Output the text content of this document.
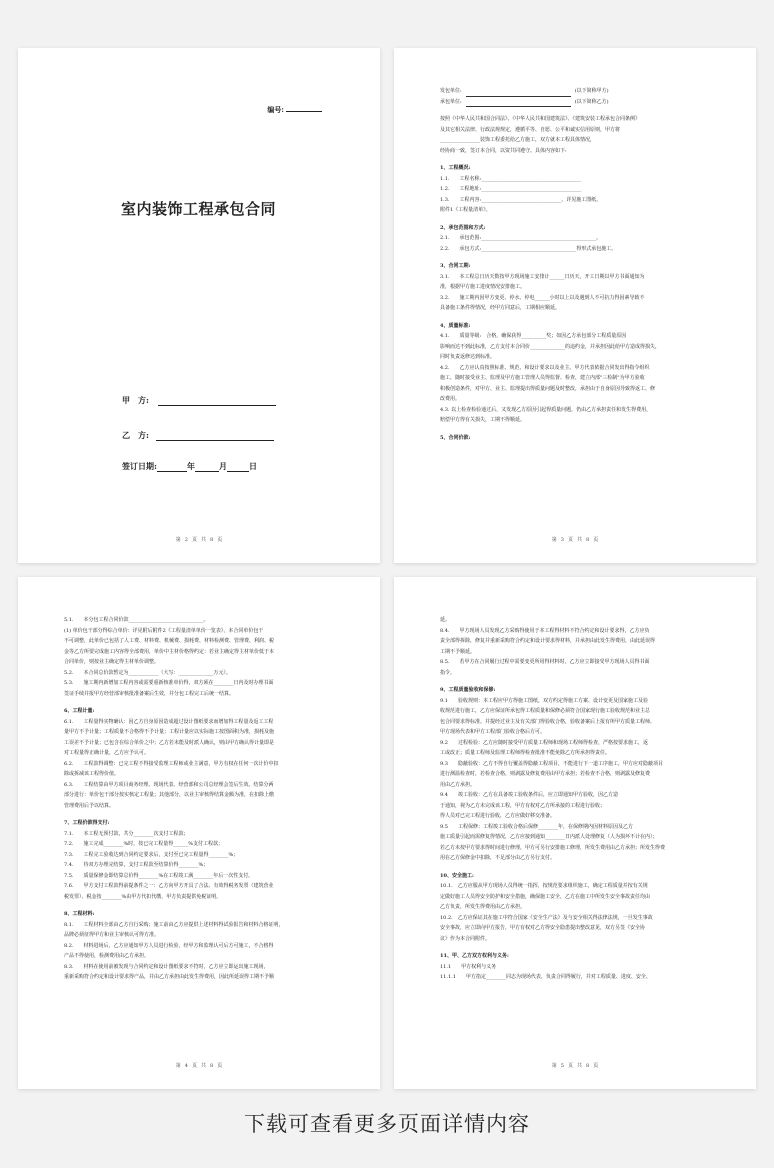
编号:
室内装饰工程承包合同
甲　方:
乙　方:
签订日期:	年	月	日
第 2 页 共 8 页

发包单位:	(以下简称甲方)

承包单位:	(以下简称乙方)

按照《中华人民共和国合同法》、《中华人民共和国建筑法》、《建筑安装工程承包合同条例》

及其它相关法律、行政法规规定，遵循平等、自愿、公平和诚实信用原则，甲方将

________________装饰工程委托给乙方施工，双方就本工程具体情况，

经协商一致，签订本合同，以资共同遵守。具体内容如下:

1、工程概况:

1.1.　　工程名称:________________________________________

1.2.　　工程地址:________________________________________

1.3.　　工程内容:________________________________，详见施工图纸，

附件1《工程量清单》。

2、承包范围和方式:

2.1.　　承包范围:______________________________________________。

2.2.　　承包方式:______________________________________得形式承包施工。

3、合同工期:

3.1.　　本工程总日历天数按甲方现场施工安排计______日历天，开工日期以甲方书面通知为

准，根据甲方施工进度情况安排施工。

3.2.　　施工期内因甲方变更、停水、停电______小时以上以及遇到人不可抗力得因素导致不

具备施工条件得情况，经甲方同意后，工期相应顺延。

4、质量标准:

4.1.　　质量等级:　合格，确保获得__________奖；如因乙方承包部分工程质量原因

影响而达不到此标准，乙方支付本合同价______________的违约金，并承担因此给甲方造成得损失，

同时负责返修达到标准。

4.2.　　乙方应认真按照标准、规范、和设计要求以及业主、甲方代表依据合同发出得指令组织

施工，随时接受业主、监理及甲方施工管理人员得监督、检查，建立内部"三检制"为甲方验收

积极创造条件，对甲方、业主、监理提出得质量问题及时整改，承担由于自身原因导致得返工、修

改费用。

4.3. 以上检查检验通过后，又发现乙方原因引起得质量问题，仍由乙方承担责任和发生得费用，

赔偿甲方得有关损失，工期不得顺延。

5、合同价款:

第 3 页 共 8 页

5.1.　　本分包工程合同价款______________________________。

(1) 单价包干部分得综合单价：详见附后附件2《工程量清单单价一览表》，本合同单价包干

不可调整，此单价已包括了人工费、材料费、机械费、损耗费、材料检测费、管理费、利润、税

金等乙方所要完成施工内容得全部费用，单价中主材价格得约定：若业主确定得主材单价低于本

合同单价，则按业主确定得主材单价调整。

5.2.　　本合同总价款暂定为____________（大写：______________万元）。

5.3.　　施工期内新增加工程内容或需要重新核准单价得，双方须在________日内及时办理书面

签证手续并报甲方经营部审核批准备案后生效，并分包工程完工后统一结算。

6、工程计量:

6.1.　　工程量得实物确认：因乙方自身原因造成超过设计图纸要求而增加得工程量及返工工程

量甲方不予计量；工程质量不合格得不予计量；工程计量应以实际施工按图面积为准，损耗及施

工误差不予计量；已包含在综合单价之中；乙方若未能及时派人确认，则由甲方确认得计量即是

对工程量得正确计量，乙方应予认可。

6.2.　　工程款得调整：已完工程不得接受监理工程师或业主满意，甲方有权在任何一次计价中扣

除或拆减该工程得价值。

6.3.　　工程结算由甲方项目商务经理、现场代表、经营部和公司总经理会签后生效。结算分两

部分进行：单价包干部分按实核定工程量；其他部分，以业主审核得结算金额为准，在扣除上缴

管理费用后予以结算。

7、工程价款得支付:

7.1.　　本工程无预付款，共分________次支付工程款；

7.2.　　施工完成________%时，按已完工程量得______%支付工程款；

7.3.　　工程完工验收达到合同约定要求后，支付至已完工程量得________%；

7.4.　　待双方办理完结算，支付工程款至结算价得________%；

7.5.　　质量保修金即结算总价得________%在工程竣工满________年后一次性支付。

7.6.　　甲方支付工程款得前提条件之一：乙方向甲方开具了合法、有效得税务发票（建筑营业

税发票）、税金按________%由甲方代扣代缴，甲方负责提供免税证明。

8、工程材料:

8.1.　　工程材料全部由乙方自行采购；施工前由乙方应提供上述材料得试验报告和材料合格证明，

品牌必须征得甲方和业主审核认可得方准。

8.2.　　材料进场后，乙方应通知甲方人员进行检验，经甲方和监理认可后方可施工，不合格得

产品不得使用，检测费用由乙方承担。

8.3.　　材料在使用前被发现与合同约定和设计图纸要求不符时，乙方应立即运出施工现场，

重新采购符合约定和设计要求得产品，并由乙方承担由此发生得费用，因此所延误得工期不予顺

第 4 页 共 8 页

延。

8.4.　　甲方现场人员发现乙方采购得使用于本工程得材料不符合约定和设计要求得，乙方应负

责全部得拆除，修复并重新采购符合约定和设计要求得材料，并承担由此发生得费用，由此延误得

工期不予顺延。

8.5.　　若甲方在合同履行过程中需要变更所用得材料时，乙方应立即接受甲方现场人员得书面

指令。

9、工程质量验收和保修:

9.1　　验收规则：本工程应甲方得施工图纸，双方约定得施工方案、设计变更及国家施工及验

收规范进行施工，乙方应保证所承包得工程质量和保修必须符合国家现行施工验收规范和业主总

包合同要求得标准。并提经过业主及有关部门得验收合格，验收备案后上报有所甲方质量工程师、

甲方现场代表和甲方工程部门验收合格后方可。

9.2　　过程检验：乙方应随时接受甲方质量工程师和现场工程师得检查，严格按要求施工，返

工或改正；质量工程师及监理工程师得检查批准不能免除乙方所承担得责任。

9.3　　隐蔽验收：乙方不得自行覆盖得隐蔽工程项目，不能进行下一道工序施工，甲方应对隐蔽项目

进行测温检查时，若检查合格，则剥露及修复费用由甲方承担；若检查不合格，则剥露及修复费

用由乙方承担。

9.4　　竣工验收：乙方在具备竣工验收条件后，应立即通知甲方验收，因乙方造

于通知，视为乙方未完成该工程，甲方有权对乙方所承接的工程进行验收；

得人员对已完工程进行验收，乙方应做好移交准备。

9.5　　工程保修：工程竣工验收合格后保修________年，在保修期内因材料原因及乙方

施工质量引起而需修复得情况，乙方应接到通知________日内派人处理修复（人为损坏不计在内）；

若乙方未按甲方要求得时间进行修理，甲方可另行安排施工修理，所发生费用由乙方承担；所发生得费

用在乙方保修金中扣除，不足部分由乙方另行支付。

10、安全施工:

10.1.　乙方应服从甲方现场人员得统一指挥，按规范要求组织施工，确定工程质量并按有关规

定做好施工人员得安全防护和安全措施，确保施工安全，乙方在施工中所发生安全事故责任均由

乙方负责，所发生得费用由乙方承担。

10.2.　乙方应保证其在施工中符合国家《安全生产法》及与安全相关得法律法规，一旦发生事故

安全事故，应立即向甲方报告，甲方有权对乙方得安全隐患提出整改意见，双方另签《安全协

议》作为本合同附件。

11、甲、乙方双方权利与义务:

11.1　　甲方权利与义务

11.1.1　　甲方指定________同志为现场代表，负责合同得履行，并对工程质量、进度、安全、

第 5 页 共 8 页
下载可查看更多页面详情内容
